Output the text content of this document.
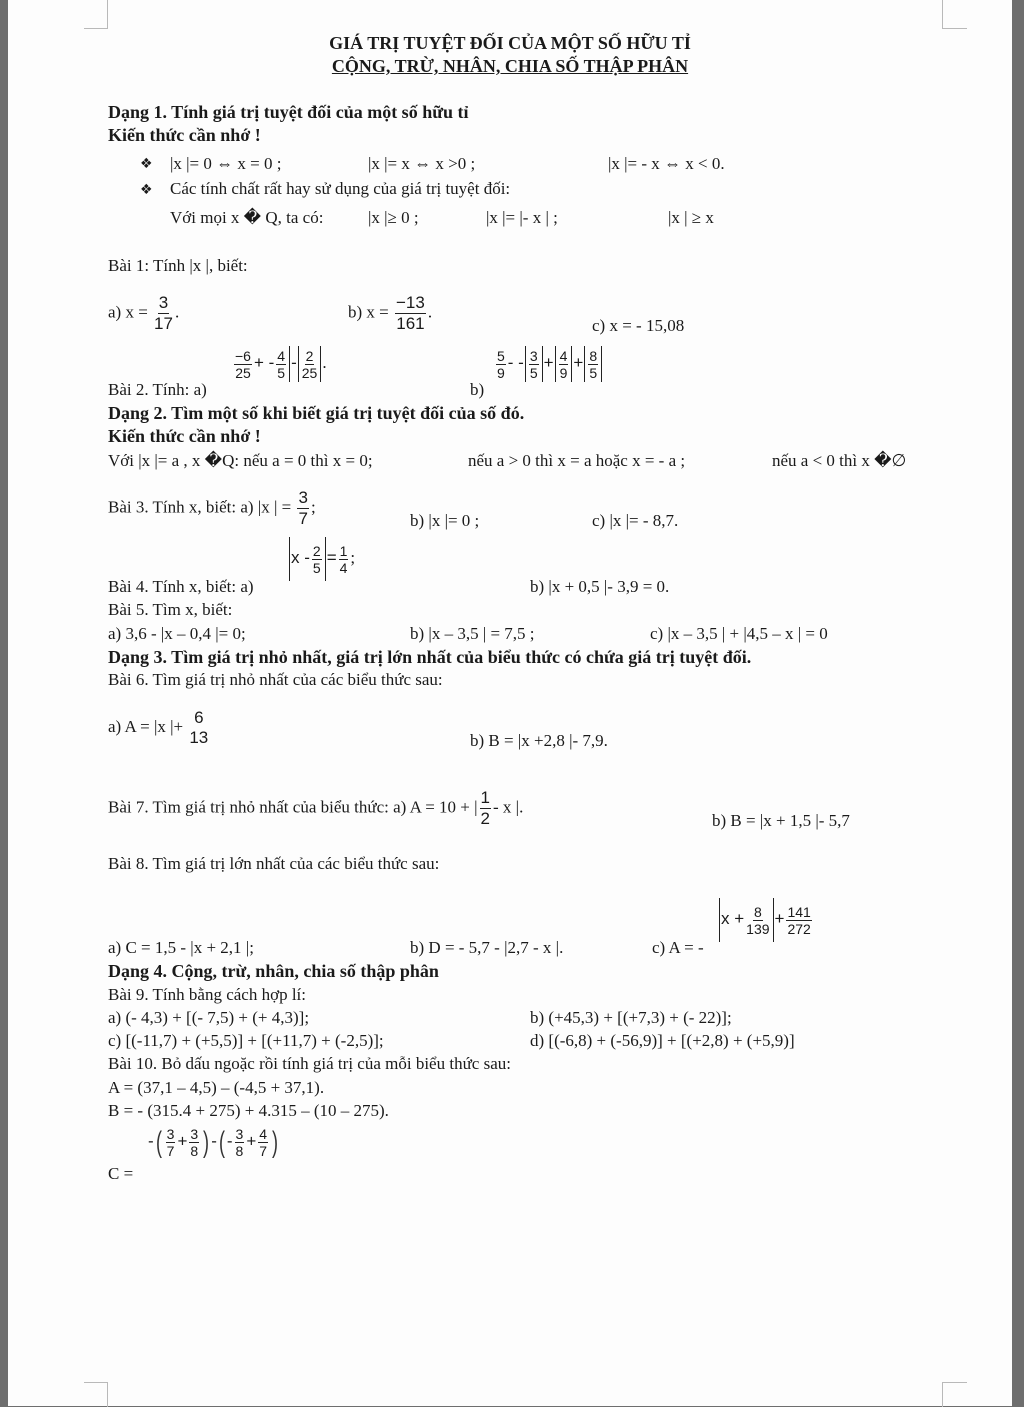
GIÁ TRỊ TUYỆT ĐỐI CỦA MỘT SỐ HỮU TỈ
CỘNG, TRỪ, NHÂN, CHIA SỐ THẬP PHÂN
Dạng 1. Tính giá trị tuyệt đối của một số hữu tỉ
Kiến thức cần nhớ !
❖ |x |= 0 ⇔ x = 0 ;	|x |= x ⇔ x >0 ;	|x |= - x ⇔ x < 0.
❖ Các tính chất rất hay sử dụng của giá trị tuyệt đối:
Với mọi x � Q, ta có:	|x |≥ 0 ;	|x |= |- x | ;	|x | ≥ x
Bài 1: Tính |x |, biết:
a) $x = \frac{3}{17}$ .	b) $x = \frac{-13}{161}$ .
c) x = - 15,08
Bài 2. Tính: a)
$\frac{-6}{25}$ + - $\frac{4}{5} - \frac{2}{25}$ .
b)
$\frac{5}{9}$ - - $\frac{3}{5} + \frac{4}{9} + \frac{8}{5}$
Dạng 2. Tìm một số khi biết giá trị tuyệt đối của số đó.
Kiến thức cần nhớ !
Với |x |= a , x �Q: nếu a = 0 thì x = 0;	nếu a > 0 thì x = a hoặc x = - a ;	nếu a < 0 thì x �∅
Bài 3. Tính x, biết: a) |x | = $\frac{3}{7}$ ;
b) |x |= 0 ;	c) |x |= - 8,7.
Bài 4. Tính x, biết: a)
$x - \frac{2}{5} = \frac{1}{4}$ ;
b) |x + 0,5 |- 3,9 = 0.
Bài 5. Tìm x, biết:
a) 3,6 - |x – 0,4 |= 0;	b) |x – 3,5 | = 7,5 ;	c) |x – 3,5 | + |4,5 – x | = 0
Dạng 3. Tìm giá trị nhỏ nhất, giá trị lớn nhất của biểu thức có chứa giá trị tuyệt đối.
Bài 6. Tìm giá trị nhỏ nhất của các biểu thức sau:
a) A = |x |+ 6
13	b) B = |x +2,8 |- 7,9.
Bài 7. Tìm giá trị nhỏ nhất của biểu thức: a) A = 10 + | $\frac{1}{2}$ - x |.
b) B = |x + 1,5 |- 5,7
Bài 8. Tìm giá trị lớn nhất của các biểu thức sau:
a) C = 1,5 - |x + 2,1 |;	b) D = - 5,7 - |2,7 - x |.	c) A = -
$x + \frac{8}{139} + \frac{141}{272}$
Dạng 4. Cộng, trừ, nhân, chia số thập phân
Bài 9. Tính bằng cách hợp lí:
a) (- 4,3) + [(- 7,5) + (+ 4,3)];	b) (+45,3) + [(+7,3) + (- 22)];
c) [(-11,7) + (+5,5)] + [(+11,7) + (-2,5)];	d) [(-6,8) + (-56,9)] + [(+2,8) + (+5,9)]
Bài 10. Bỏ dấu ngoặc rồi tính giá trị của mỗi biểu thức sau:
A = (37,1 – 4,5) – (-4,5 + 37,1).
B = - (315.4 + 275) + 4.315 – (10 – 275).
C =
-( $\frac{3}{7} + \frac{3}{8}$ ) -( - $\frac{3}{8} + \frac{4}{7}$ )
